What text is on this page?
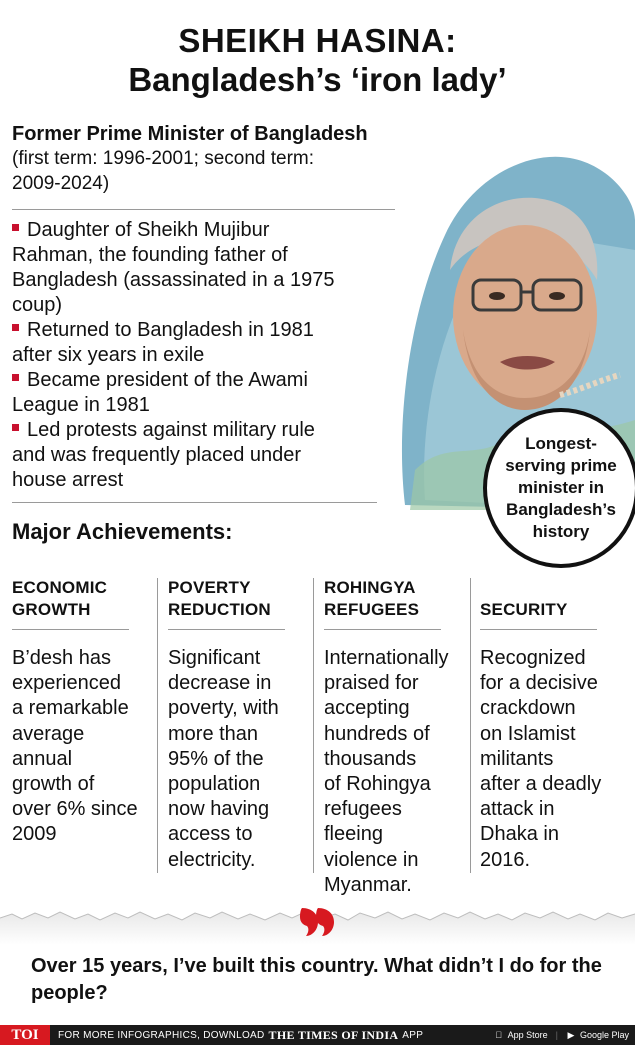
SHEIKH HASINA:
Bangladesh’s ‘iron lady’
Former Prime Minister of Bangladesh
(first term: 1996-2001; second term:
2009-2024)
Daughter of Sheikh Mujibur
Rahman, the founding father of
Bangladesh (assassinated in a 1975
coup)
Returned to Bangladesh in 1981
after six years in exile
Became president of the Awami
League in 1981
Led protests against military rule
and was frequently placed under
house arrest
Longest-
serving prime
minister in
Bangladesh’s
history
Major Achievements:
ECONOMIC
GROWTH
B’desh has
experienced
a remarkable
average
annual
growth of
over 6% since
2009
POVERTY
REDUCTION
Significant
decrease in
poverty, with
more than
95% of the
population
now having
access to
electricity.
ROHINGYA
REFUGEES
Internationally
praised for
accepting
hundreds of
thousands
of Rohingya
refugees
fleeing
violence in
Myanmar.
SECURITY
Recognized
for a decisive
crackdown
on Islamist
militants
after a deadly
attack in
Dhaka in
2016.
Over 15 years, I’ve built this country. What didn’t I do for the people?
TOI	FOR MORE INFOGRAPHICS, DOWNLOAD THE TIMES OF INDIA APP	App Store | ▶ Google Play
